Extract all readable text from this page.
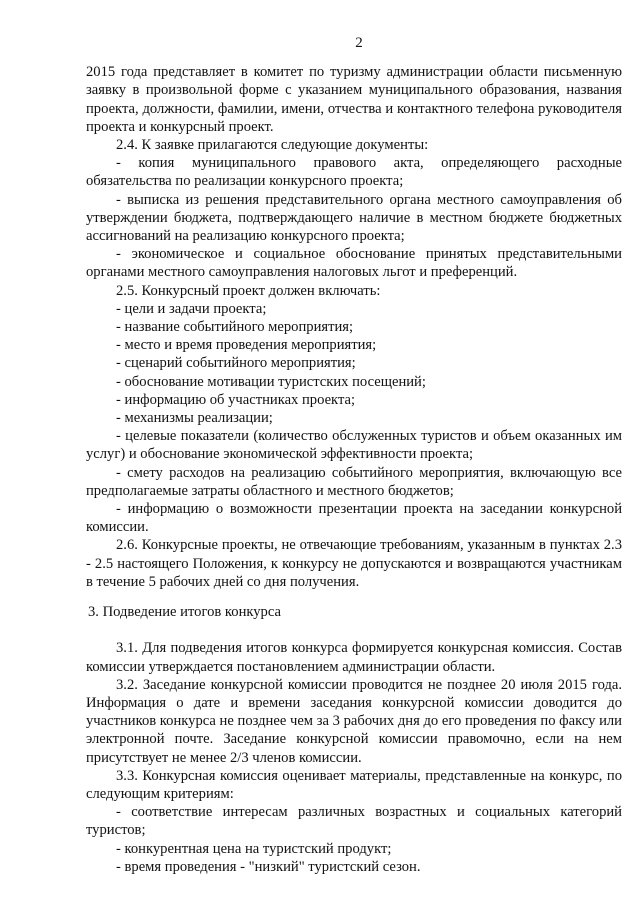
2

2015 года представляет в комитет по туризму администрации области письменную заявку в произвольной форме с указанием муниципального образования, названия проекта, должности, фамилии, имени, отчества и контактного телефона руководителя проекта и конкурсный проект.

2.4. К заявке прилагаются следующие документы:

- копия муниципального правового акта, определяющего расходные обязательства по реализации конкурсного проекта;

- выписка из решения представительного органа местного самоуправления об утверждении бюджета, подтверждающего наличие в местном бюджете бюджетных ассигнований на реализацию конкурсного проекта;

- экономическое и социальное обоснование принятых представительными органами местного самоуправления налоговых льгот и преференций.

2.5. Конкурсный проект должен включать:

- цели и задачи проекта;

- название событийного мероприятия;

- место и время проведения мероприятия;

- сценарий событийного мероприятия;

- обоснование мотивации туристских посещений;

- информацию об участниках проекта;

- механизмы реализации;

- целевые показатели (количество обслуженных туристов и объем оказанных им услуг) и обоснование экономической эффективности проекта;

- смету расходов на реализацию событийного мероприятия, включающую все предполагаемые затраты областного и местного бюджетов;

- информацию о возможности презентации проекта на заседании конкурсной комиссии.

2.6. Конкурсные проекты, не отвечающие требованиям, указанным в пунктах 2.3 - 2.5 настоящего Положения, к конкурсу не допускаются и возвращаются участникам в течение 5 рабочих дней со дня получения.

3. Подведение итогов конкурса

3.1. Для подведения итогов конкурса формируется конкурсная комиссия. Состав комиссии утверждается постановлением администрации области.

3.2. Заседание конкурсной комиссии проводится не позднее 20 июля 2015 года. Информация о дате и времени заседания конкурсной комиссии доводится до участников конкурса не позднее чем за 3 рабочих дня до его проведения по факсу или электронной почте. Заседание конкурсной комиссии правомочно, если на нем присутствует не менее 2/3 членов комиссии.

3.3. Конкурсная комиссия оценивает материалы, представленные на конкурс, по следующим критериям:

- соответствие интересам различных возрастных и социальных категорий туристов;

- конкурентная цена на туристский продукт;

- время проведения - "низкий" туристский сезон.
